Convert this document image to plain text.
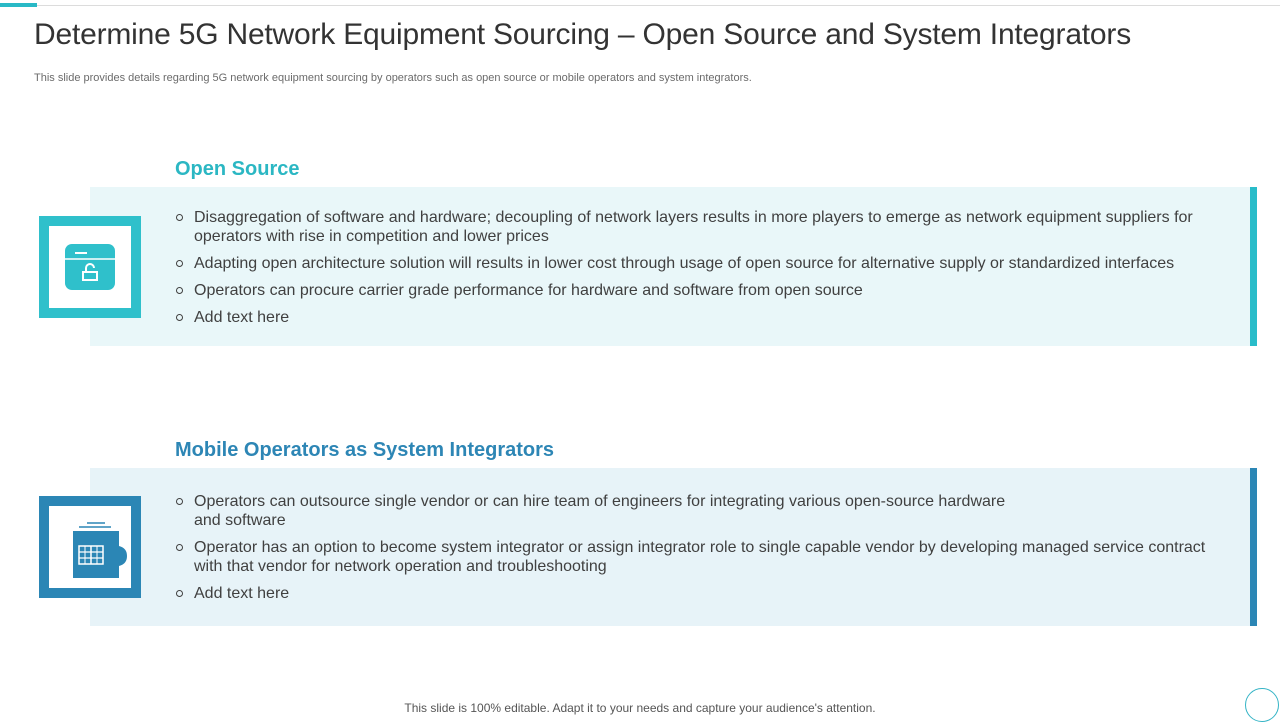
Determine 5G Network Equipment Sourcing – Open Source and System Integrators
This slide provides details regarding 5G network equipment sourcing by operators such as open source or mobile operators and system integrators.
Open Source
Disaggregation of software and hardware; decoupling of network layers results in more players to emerge as network equipment suppliers for operators with rise in competition and lower prices
Adapting open architecture solution will results in lower cost through usage of open source for alternative supply or standardized interfaces
Operators can procure carrier grade performance for hardware and software from open source
Add text here
Mobile Operators as System Integrators
Operators can outsource single vendor or can hire team of engineers for integrating various open-source hardware and software
Operator has an option to become system integrator or assign integrator role to single capable vendor by developing managed service contract with that vendor for network operation and troubleshooting
Add text here
This slide is 100% editable. Adapt it to your needs and capture your audience's attention.
